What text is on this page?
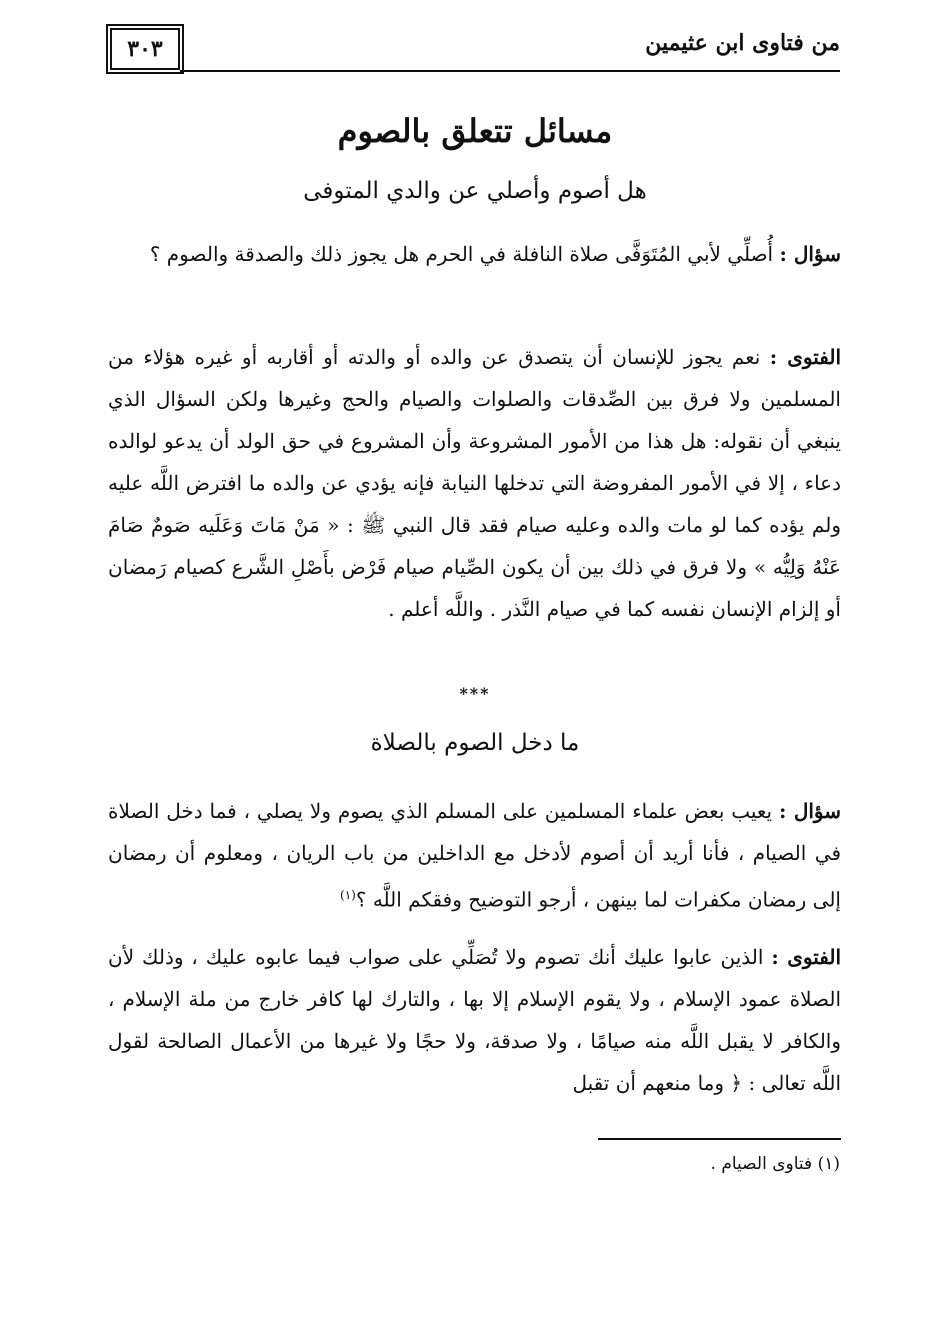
٣٠٣	من فتاوى ابن عثيمين
مسائل تتعلق بالصوم
هل أصوم وأصلي عن والدي المتوفى
سؤال : أُصلِّي لأبي المُتَوَفَّى صلاة النافلة في الحرم هل يجوز ذلك والصدقة والصوم ؟
الفتوى : نعم يجوز للإنسان أن يتصدق عن والده أو والدته أو أقاربه أو غيره هؤلاء من المسلمين ولا فرق بين الصِّدقات والصلوات والصيام والحج وغيرها ولكن السؤال الذي ينبغي أن نقوله: هل هذا من الأمور المشروعة وأن المشروع في حق الولد أن يدعو لوالده دعاء ، إلا في الأمور المفروضة التي تدخلها النيابة فإنه يؤدي عن والده ما افترض اللَّه عليه ولم يؤده كما لو مات والده وعليه صيام فقد قال النبي ﷺ : « مَنْ مَاتَ وَعَلَيه صَومٌ صَامَ عَنْهُ وَلِيُّه » ولا فرق في ذلك بين أن يكون الصِّيام صيام فَرْض بأَصْلِ الشَّرع كصيام رَمضان أو إلزام الإنسان نفسه كما في صيام النَّذر . واللَّه أعلم .
***
ما دخل الصوم بالصلاة
سؤال : يعيب بعض علماء المسلمين على المسلم الذي يصوم ولا يصلي ، فما دخل الصلاة في الصيام ، فأنا أريد أن أصوم لأدخل مع الداخلين من باب الريان ، ومعلوم أن رمضان إلى رمضان مكفرات لما بينهن ، أرجو التوضيح وفقكم اللَّه ؟$^{(١)}$
الفتوى : الذين عابوا عليك أنك تصوم ولا تُصَلِّي على صواب فيما عابوه عليك ، وذلك لأن الصلاة عمود الإسلام ، ولا يقوم الإسلام إلا بها ، والتارك لها كافر خارج من ملة الإسلام ، والكافر لا يقبل اللَّه منه صيامًا ، ولا صدقة، ولا حجًا ولا غيرها من الأعمال الصالحة لقول اللَّه تعالى : ﴿ وما منعهم أن تقبل
(١) فتاوى الصيام .
